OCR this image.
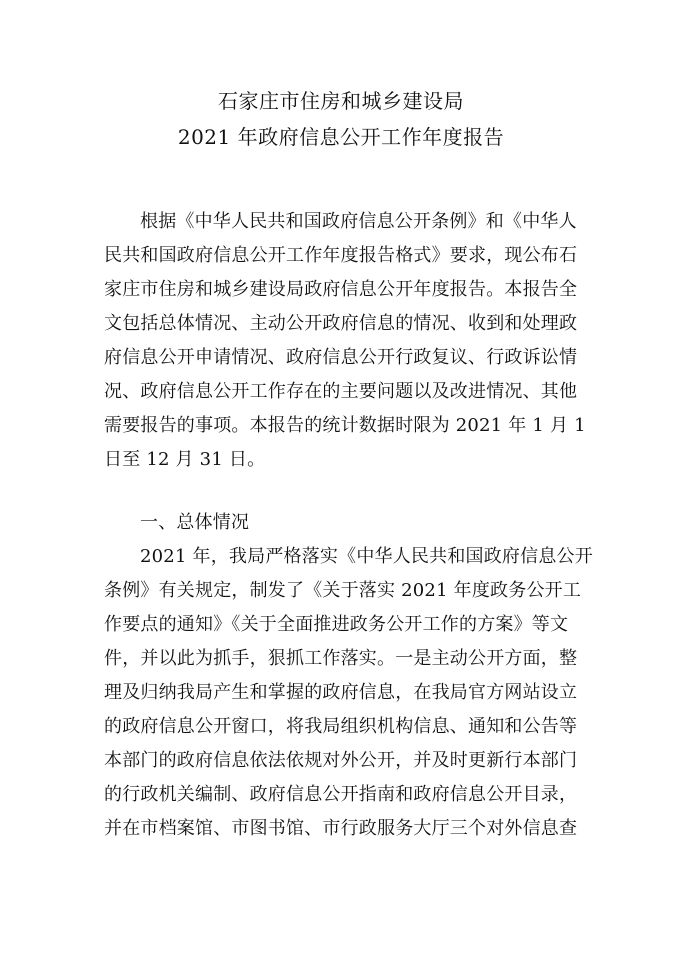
石家庄市住房和城乡建设局
2021 年政府信息公开工作年度报告
根据《中华人民共和国政府信息公开条例》和《中华人
民共和国政府信息公开工作年度报告格式》要求，现公布石
家庄市住房和城乡建设局政府信息公开年度报告。本报告全
文包括总体情况、主动公开政府信息的情况、收到和处理政
府信息公开申请情况、政府信息公开行政复议、行政诉讼情
况、政府信息公开工作存在的主要问题以及改进情况、其他
需要报告的事项。本报告的统计数据时限为 2021 年 1 月 1
日至 12 月 31 日。
一、总体情况
2021 年，我局严格落实《中华人民共和国政府信息公开
条例》有关规定，制发了《关于落实 2021 年度政务公开工
作要点的通知》《关于全面推进政务公开工作的方案》等文
件，并以此为抓手，狠抓工作落实。一是主动公开方面，整
理及归纳我局产生和掌握的政府信息，在我局官方网站设立
的政府信息公开窗口，将我局组织机构信息、通知和公告等
本部门的政府信息依法依规对外公开，并及时更新行本部门
的行政机关编制、政府信息公开指南和政府信息公开目录，
并在市档案馆、市图书馆、市行政服务大厅三个对外信息查
